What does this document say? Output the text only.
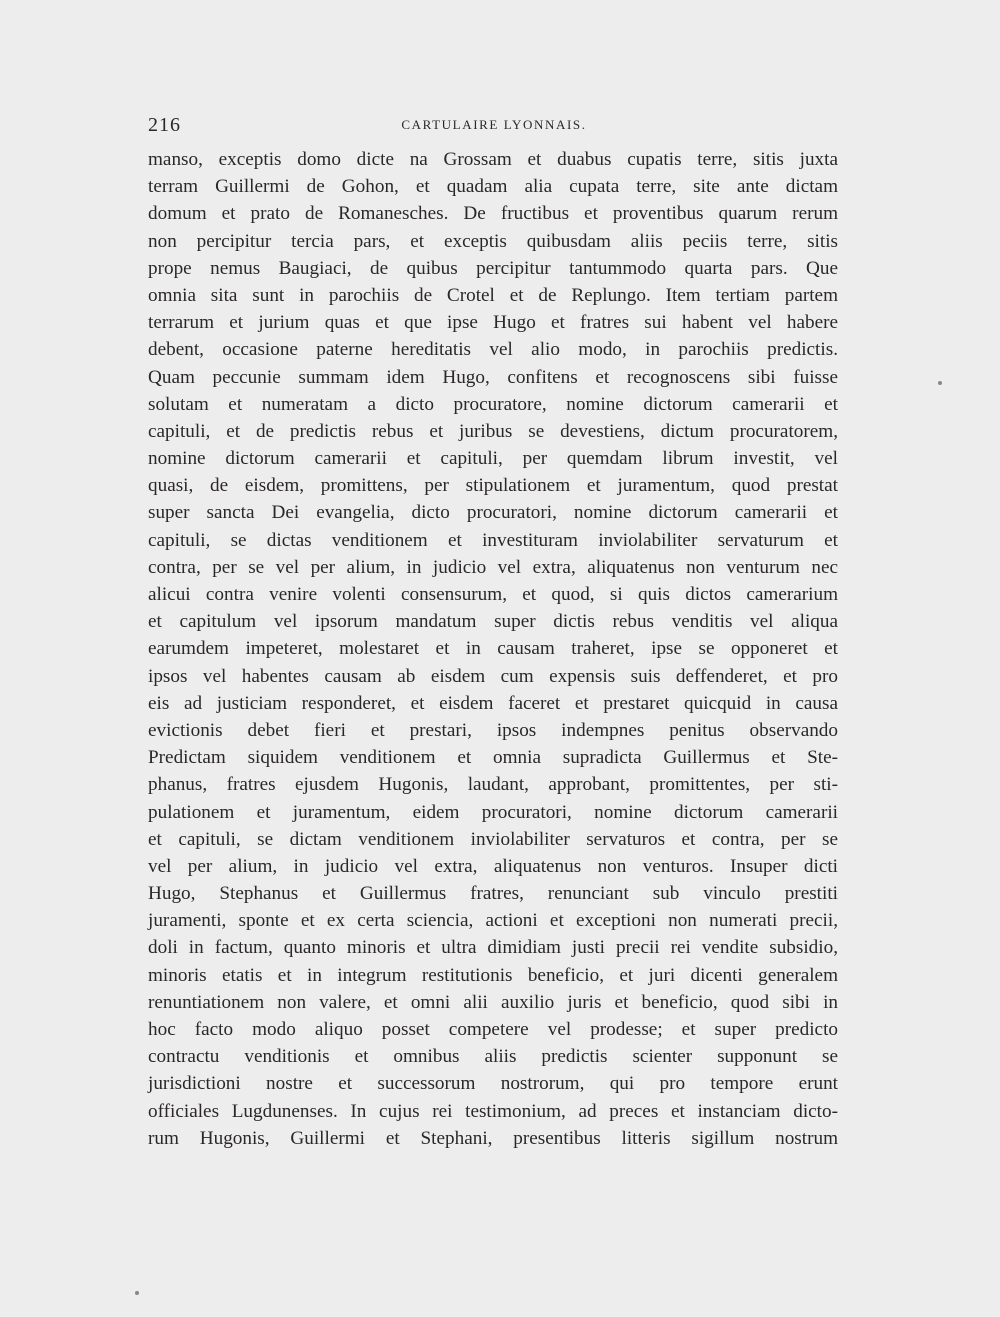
216	CARTULAIRE LYONNAIS.
manso, exceptis domo dicte na Grossam et duabus cupatis terre, sitis juxta
terram Guillermi de Gohon, et quadam alia cupata terre, site ante dictam
domum et prato de Romanesches. De fructibus et proventibus quarum rerum
non percipitur tercia pars, et exceptis quibusdam aliis peciis terre, sitis
prope nemus Baugiaci, de quibus percipitur tantummodo quarta pars. Que
omnia sita sunt in parochiis de Crotel et de Replungo. Item tertiam partem
terrarum et jurium quas et que ipse Hugo et fratres sui habent vel habere
debent, occasione paterne hereditatis vel alio modo, in parochiis predictis.
Quam peccunie summam idem Hugo, confitens et recognoscens sibi fuisse
solutam et numeratam a dicto procuratore, nomine dictorum camerarii et
capituli, et de predictis rebus et juribus se devestiens, dictum procuratorem,
nomine dictorum camerarii et capituli, per quemdam librum investit, vel
quasi, de eisdem, promittens, per stipulationem et juramentum, quod prestat
super sancta Dei evangelia, dicto procuratori, nomine dictorum camerarii et
capituli, se dictas venditionem et investituram inviolabiliter servaturum et
contra, per se vel per alium, in judicio vel extra, aliquatenus non venturum nec
alicui contra venire volenti consensurum, et quod, si quis dictos camerarium
et capitulum vel ipsorum mandatum super dictis rebus venditis vel aliqua
earumdem impeteret, molestaret et in causam traheret, ipse se opponeret et
ipsos vel habentes causam ab eisdem cum expensis suis deffenderet, et pro
eis ad justiciam responderet, et eisdem faceret et prestaret quicquid in causa
evictionis debet fieri et prestari, ipsos indempnes penitus observando
Predictam siquidem venditionem et omnia supradicta Guillermus et Ste-
phanus, fratres ejusdem Hugonis, laudant, approbant, promittentes, per sti-
pulationem et juramentum, eidem procuratori, nomine dictorum camerarii
et capituli, se dictam venditionem inviolabiliter servaturos et contra, per se
vel per alium, in judicio vel extra, aliquatenus non venturos. Insuper dicti
Hugo, Stephanus et Guillermus fratres, renunciant sub vinculo prestiti
juramenti, sponte et ex certa sciencia, actioni et exceptioni non numerati precii,
doli in factum, quanto minoris et ultra dimidiam justi precii rei vendite subsidio,
minoris etatis et in integrum restitutionis beneficio, et juri dicenti generalem
renuntiationem non valere, et omni alii auxilio juris et beneficio, quod sibi in
hoc facto modo aliquo posset competere vel prodesse; et super predicto
contractu venditionis et omnibus aliis predictis scienter supponunt se
jurisdictioni nostre et successorum nostrorum, qui pro tempore erunt
officiales Lugdunenses. In cujus rei testimonium, ad preces et instanciam dicto-
rum Hugonis, Guillermi et Stephani, presentibus litteris sigillum nostrum
